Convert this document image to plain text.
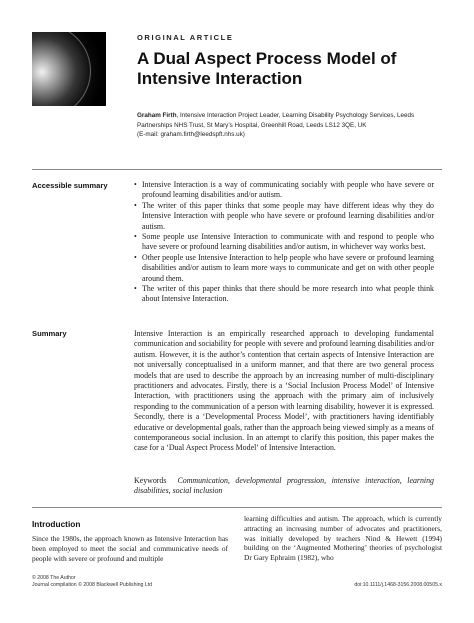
ORIGINAL ARTICLE
A Dual Aspect Process Model of Intensive Interaction
Graham Firth, Intensive Interaction Project Leader, Learning Disability Psychology Services, Leeds
Partnerships NHS Trust, St Mary’s Hospital, Greenhill Road, Leeds LS12 3QE, UK
(E-mail: graham.firth@leedspft.nhs.uk)
Accessible summary
•	Intensive Interaction is a way of communicating sociably with people who have severe or profound learning disabilities and/or autism.
• The writer of this paper thinks that some people may have different ideas why they do Intensive Interaction with people who have severe or profound learning disabilities and/or autism.
• Some people use Intensive Interaction to communicate with and respond to people who have severe or profound learning disabilities and/or autism, in whichever way works best.
• Other people use Intensive Interaction to help people who have severe or profound learning disabilities and/or autism to learn more ways to communicate and get on with other people around them.
• The writer of this paper thinks that there should be more research into what people think about Intensive Interaction.
Summary	Intensive Interaction is an empirically researched approach to developing fundamental communication and sociability for people with severe and profound learning disabilities and/or autism. However, it is the author’s contention that certain aspects of Intensive Interaction are not universally conceptualised in a uniform manner, and that there are two general process models that are used to describe the approach by an increasing number of multi-disciplinary practitioners and advocates. Firstly, there is a ‘Social Inclusion Process Model’ of Intensive Interaction, with practitioners using the approach with the primary aim of inclusively responding to the communication of a person with learning disability, however it is expressed. Secondly, there is a ‘Developmental Process Model’, with practitioners having identifiably educative or developmental goals, rather than the approach being viewed simply as a means of contemporaneous social inclusion. In an attempt to clarify this position, this paper makes the case for a ‘Dual Aspect Process Model’ of Intensive Interaction.

Keywords Communication, developmental progression, intensive interaction, learning disabilities, social inclusion

Introduction

Since the 1980s, the approach known as Intensive Interaction has been employed to meet the social and communicative needs of people with severe or profound and multiple

learning difficulties and autism. The approach, which is currently attracting an increasing number of advocates and practitioners, was initially developed by teachers Nind & Hewett (1994) building on the ‘Augmented Mothering’ theories of psychologist Dr Gary Ephraim (1982), who

© 2008 The Author
Journal compilation © 2008 Blackwell Publishing Ltd	doi:10.1111/j.1468-3156.2008.00505.x
